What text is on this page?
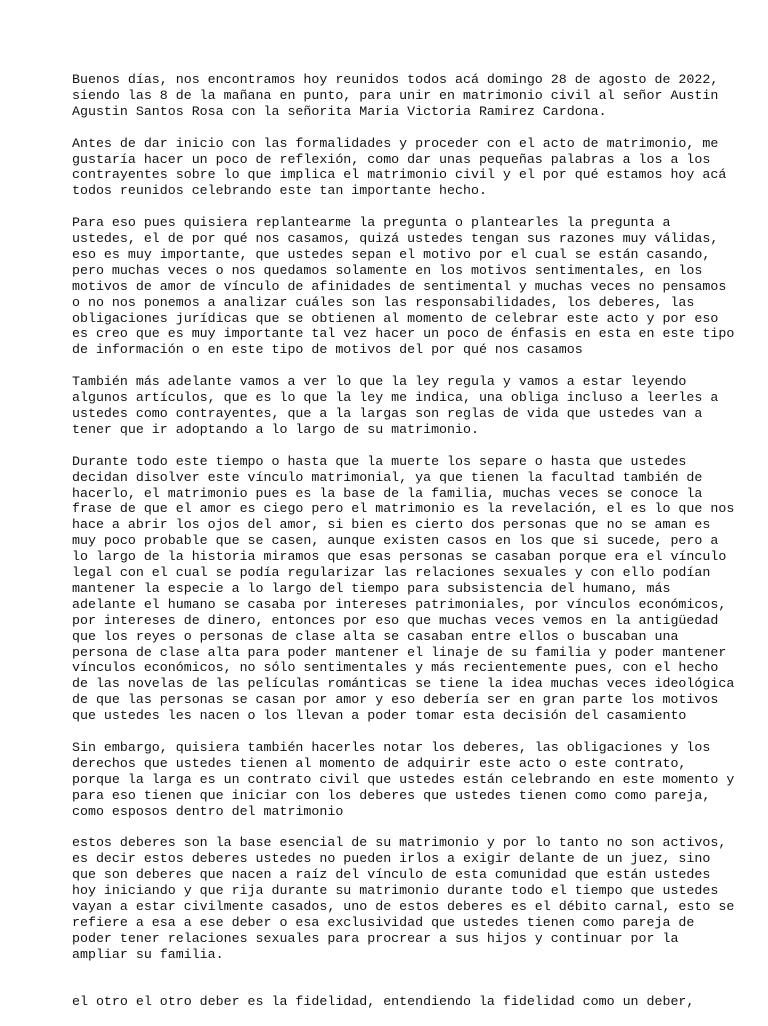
Buenos días, nos encontramos hoy reunidos todos acá domingo 28 de agosto de 2022,
siendo las 8 de la mañana en punto, para unir en matrimonio civil al señor Austin
Agustin Santos Rosa con la señorita Maria Victoria Ramirez Cardona.
Antes de dar inicio con las formalidades y proceder con el acto de matrimonio, me
gustaría hacer un poco de reflexión, como dar unas pequeñas palabras a los a los
contrayentes sobre lo que implica el matrimonio civil y el por qué estamos hoy acá
todos reunidos celebrando este tan importante hecho.
Para eso pues quisiera replantearme la pregunta o plantearles la pregunta a
ustedes, el de por qué nos casamos, quizá ustedes tengan sus razones muy válidas,
eso es muy importante, que ustedes sepan el motivo por el cual se están casando,
pero muchas veces o nos quedamos solamente en los motivos sentimentales, en los
motivos de amor de vínculo de afinidades de sentimental y muchas veces no pensamos
o no nos ponemos a analizar cuáles son las responsabilidades, los deberes, las
obligaciones jurídicas que se obtienen al momento de celebrar este acto y por eso
es creo que es muy importante tal vez hacer un poco de énfasis en esta en este tipo
de información o en este tipo de motivos del por qué nos casamos
También más adelante vamos a ver lo que la ley regula y vamos a estar leyendo
algunos artículos, que es lo que la ley me indica, una obliga incluso a leerles a
ustedes como contrayentes, que a la largas son reglas de vida que ustedes van a
tener que ir adoptando a lo largo de su matrimonio.
Durante todo este tiempo o hasta que la muerte los separe o hasta que ustedes
decidan disolver este vínculo matrimonial, ya que tienen la facultad también de
hacerlo, el matrimonio pues es la base de la familia, muchas veces se conoce la
frase de que el amor es ciego pero el matrimonio es la revelación, el es lo que nos
hace a abrir los ojos del amor, si bien es cierto dos personas que no se aman es
muy poco probable que se casen, aunque existen casos en los que si sucede, pero a
lo largo de la historia miramos que esas personas se casaban porque era el vínculo
legal con el cual se podía regularizar las relaciones sexuales y con ello podían
mantener la especie a lo largo del tiempo para subsistencia del humano, más
adelante el humano se casaba por intereses patrimoniales, por vínculos económicos,
por intereses de dinero, entonces por eso que muchas veces vemos en la antigüedad
que los reyes o personas de clase alta se casaban entre ellos o buscaban una
persona de clase alta para poder mantener el linaje de su familia y poder mantener
vínculos económicos, no sólo sentimentales y más recientemente pues, con el hecho
de las novelas de las películas románticas se tiene la idea muchas veces ideológica
de que las personas se casan por amor y eso debería ser en gran parte los motivos
que ustedes les nacen o los llevan a poder tomar esta decisión del casamiento
Sin embargo, quisiera también hacerles notar los deberes, las obligaciones y los
derechos que ustedes tienen al momento de adquirir este acto o este contrato,
porque la larga es un contrato civil que ustedes están celebrando en este momento y
para eso tienen que iniciar con los deberes que ustedes tienen como como pareja,
como esposos dentro del matrimonio
estos deberes son la base esencial de su matrimonio y por lo tanto no son activos,
es decir estos deberes ustedes no pueden irlos a exigir delante de un juez, sino
que son deberes que nacen a raíz del vínculo de esta comunidad que están ustedes
hoy iniciando y que rija durante su matrimonio durante todo el tiempo que ustedes
vayan a estar civilmente casados, uno de estos deberes es el débito carnal, esto se
refiere a esa a ese deber o esa exclusividad que ustedes tienen como pareja de
poder tener relaciones sexuales para procrear a sus hijos y continuar por la
ampliar su familia.
el otro el otro deber es la fidelidad, entendiendo la fidelidad como un deber,
